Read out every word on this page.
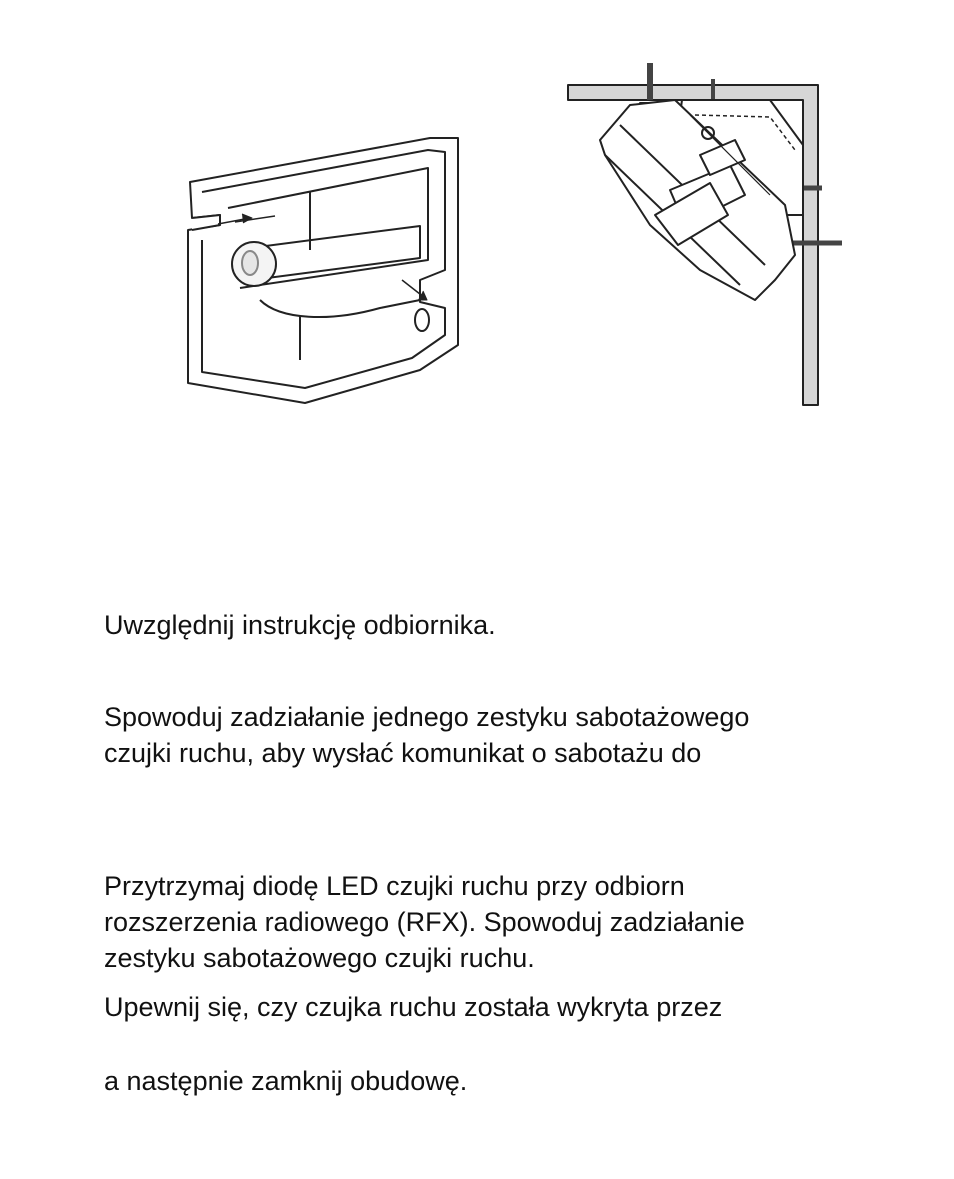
Uwzględnij instrukcję odbiornika.

Spowoduj zadziałanie jednego zestyku sabotażowego
czujki ruchu, aby wysłać komunikat o sabotażu do

Przytrzymaj diodę LED czujki ruchu przy odbiorn
rozszerzenia radiowego (RFX). Spowoduj zadziałanie
zestyku sabotażowego czujki ruchu.

Upewnij się, czy czujka ruchu została wykryta przez

a następnie zamknij obudowę.
